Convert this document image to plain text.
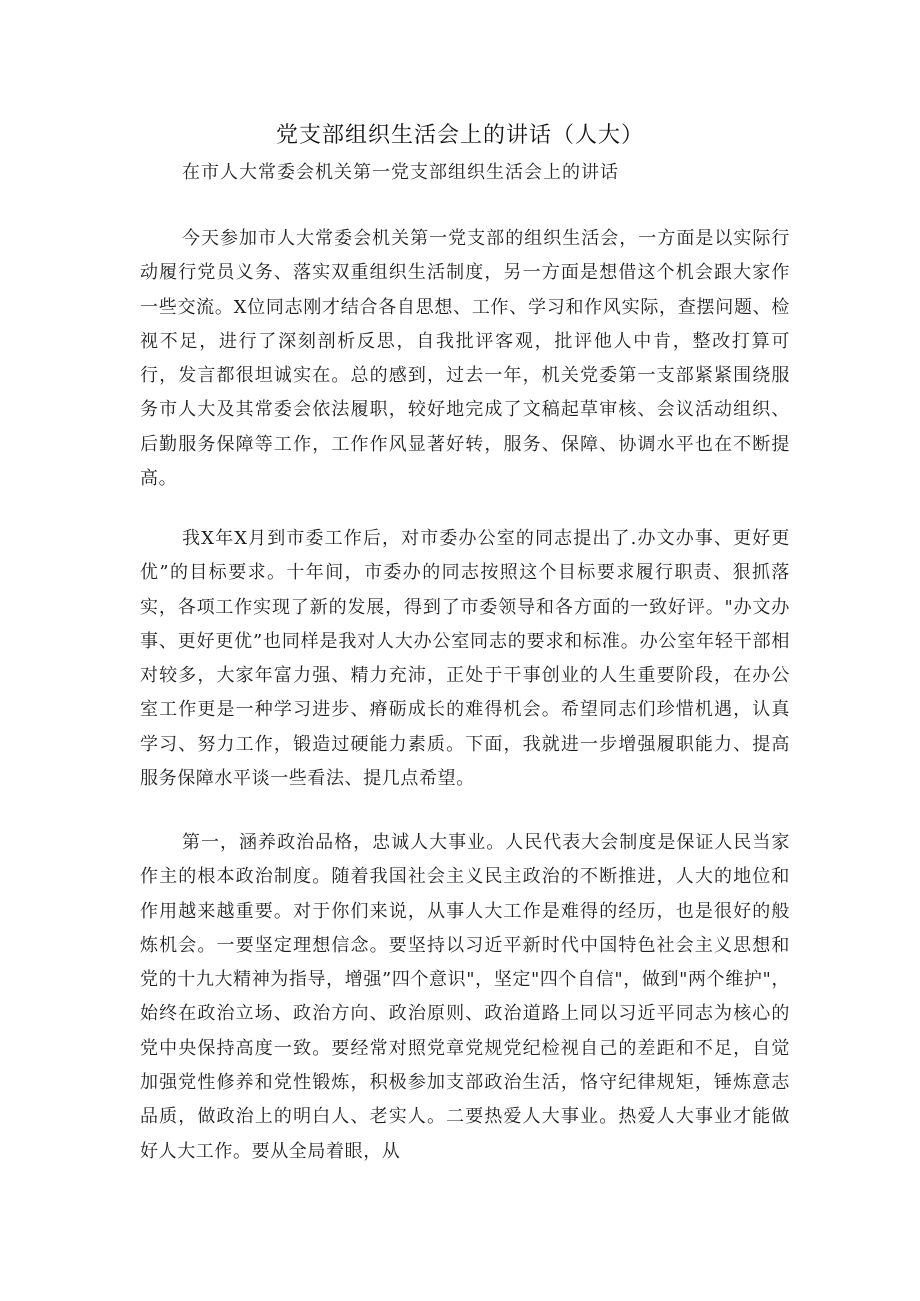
党支部组织生活会上的讲话（人大）
在市人大常委会机关第一党支部组织生活会上的讲话

今天参加市人大常委会机关第一党支部的组织生活会，一方面是以实际行动履行党员义务、落实双重组织生活制度，另一方面是想借这个机会跟大家作一些交流。X位同志刚才结合各自思想、工作、学习和作风实际，查摆问题、检视不足，进行了深刻剖析反思，自我批评客观，批评他人中肯，整改打算可行，发言都很坦诚实在。总的感到，过去一年，机关党委第一支部紧紧围绕服务市人大及其常委会依法履职，较好地完成了文稿起草审核、会议活动组织、后勤服务保障等工作，工作作风显著好转，服务、保障、协调水平也在不断提高。

我X年X月到市委工作后，对市委办公室的同志提出了.办文办事、更好更优”的目标要求。十年间，市委办的同志按照这个目标要求履行职责、狠抓落实，各项工作实现了新的发展，得到了市委领导和各方面的一致好评。"办文办事、更好更优”也同样是我对人大办公室同志的要求和标准。办公室年轻干部相对较多，大家年富力强、精力充沛，正处于干事创业的人生重要阶段，在办公室工作更是一种学习进步、瘠砺成长的难得机会。希望同志们珍惜机遇，认真学习、努力工作，锻造过硬能力素质。下面，我就进一步增强履职能力、提高服务保障水平谈一些看法、提几点希望。

第一，涵养政治品格，忠诚人大事业。人民代表大会制度是保证人民当家作主的根本政治制度。随着我国社会主义民主政治的不断推进，人大的地位和作用越来越重要。对于你们来说，从事人大工作是难得的经历，也是很好的般炼机会。一要坚定理想信念。要坚持以习近平新时代中国特色社会主义思想和党的十九大精神为指导，增强”四个意识"，坚定"四个自信"，做到"两个维护"，始终在政治立场、政治方向、政治原则、政治道路上同以习近平同志为核心的党中央保持高度一致。要经常对照党章党规党纪检视自己的差距和不足，自觉加强党性修养和党性锻炼，积极参加支部政治生活，恪守纪律规矩，锤炼意志品质，做政治上的明白人、老实人。二要热爱人大事业。热爱人大事业才能做好人大工作。要从全局着眼，从
